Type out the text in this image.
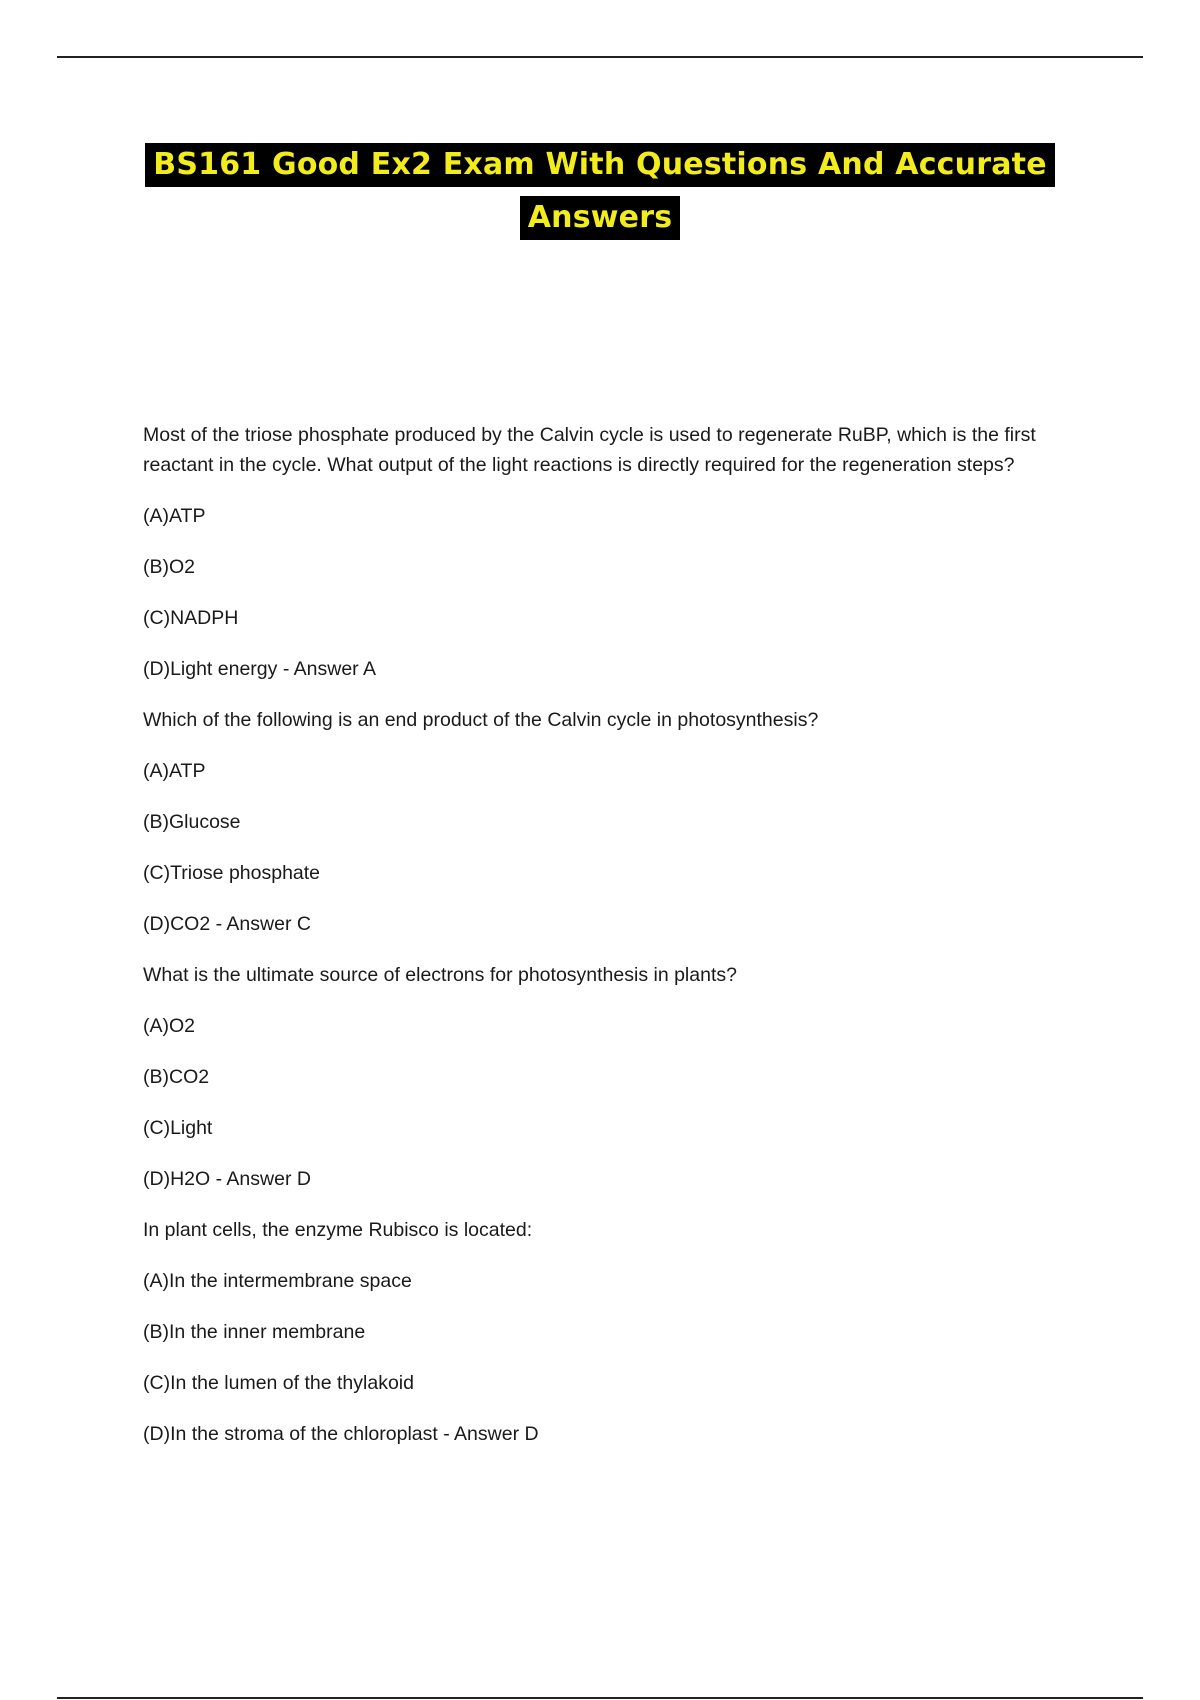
BS161 Good Ex2 Exam With Questions And Accurate
Answers

Most of the triose phosphate produced by the Calvin cycle is used to regenerate RuBP, which is the first reactant in the cycle. What output of the light reactions is directly required for the regeneration steps?

(A)ATP

(B)O2

(C)NADPH

(D)Light energy - Answer A

Which of the following is an end product of the Calvin cycle in photosynthesis?

(A)ATP

(B)Glucose

(C)Triose phosphate

(D)CO2 - Answer C

What is the ultimate source of electrons for photosynthesis in plants?

(A)O2

(B)CO2

(C)Light

(D)H2O - Answer D

In plant cells, the enzyme Rubisco is located:

(A)In the intermembrane space

(B)In the inner membrane

(C)In the lumen of the thylakoid

(D)In the stroma of the chloroplast - Answer D
